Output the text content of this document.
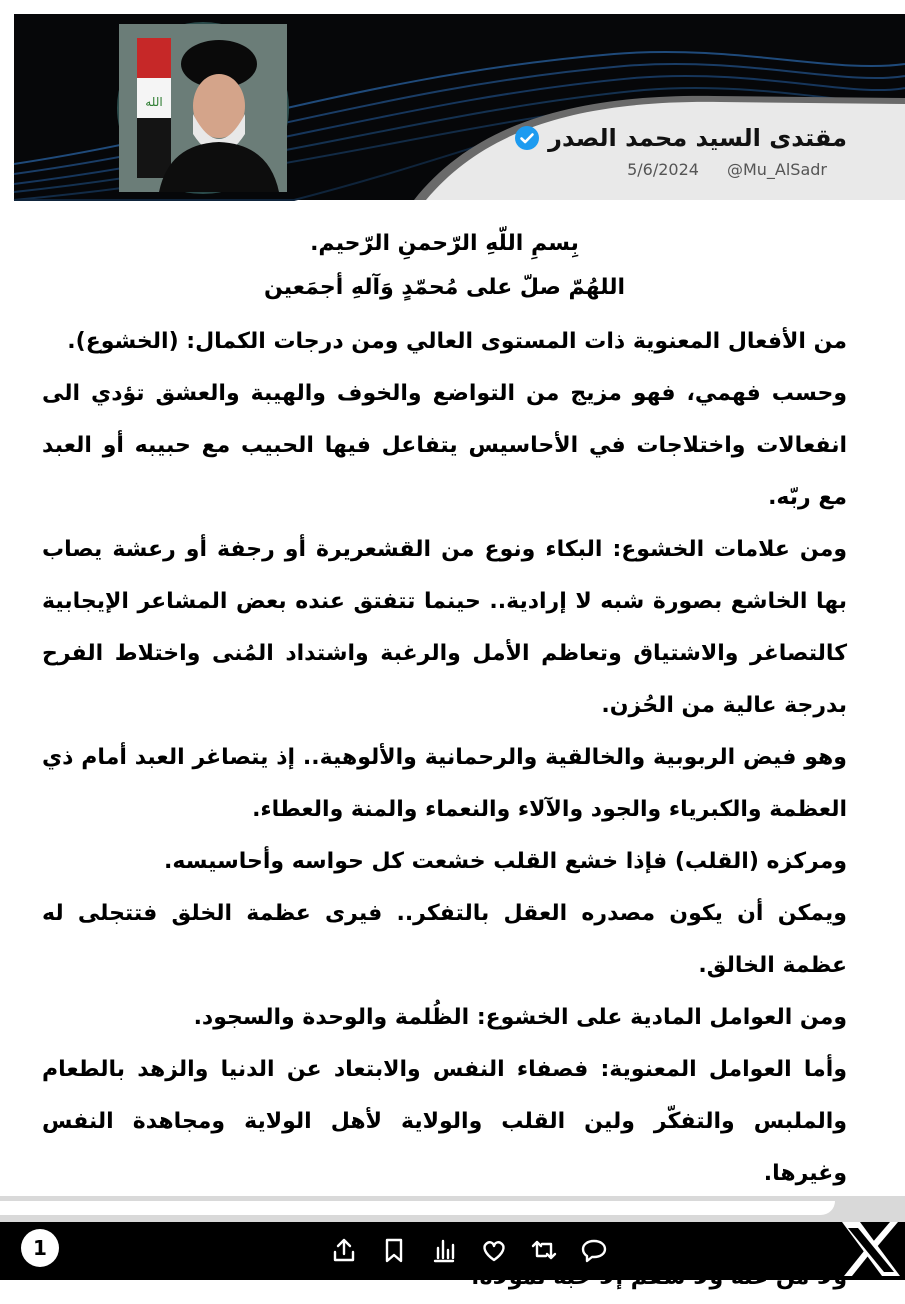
الله
مقتدى السيد محمد الصدر
5/6/2024 @Mu_AlSadr

بِسمِ اللّهِ الرّحمنِ الرّحيم.

اللهُمّ صلّ على مُحمّدٍ وَآلهِ أجمَعين

من الأفعال المعنوية ذات المستوى العالي ومن درجات الكمال: (الخشوع).

وحسب فهمي، فهو مزيج من التواضع والخوف والهيبة والعشق تؤدي الى انفعالات واختلاجات في الأحاسيس يتفاعل فيها الحبيب مع حبيبه أو العبد مع ربّه.

ومن علامات الخشوع: البكاء ونوع من القشعريرة أو رجفة أو رعشة يصاب بها الخاشع بصورة شبه لا إرادية.. حينما تتفتق عنده بعض المشاعر الإيجابية كالتصاغر والاشتياق وتعاظم الأمل والرغبة واشتداد المُنى واختلاط الفرح بدرجة عالية من الحُزن.

وهو فيض الربوبية والخالقية والرحمانية والألوهية.. إذ يتصاغر العبد أمام ذي العظمة والكبرياء والجود والآلاء والنعماء والمنة والعطاء.

ومركزه (القلب) فإذا خشع القلب خشعت كل حواسه وأحاسيسه.

ويمكن أن يكون مصدره العقل بالتفكر.. فيرى عظمة الخلق فتتجلى له عظمة الخالق.

ومن العوامل المادية على الخشوع: الظُلمة والوحدة والسجود.

وأما العوامل المعنوية: فصفاء النفس والابتعاد عن الدنيا والزهد بالطعام والملبس والتفكّر ولين القلب والولاية لأهل الولاية ومجاهدة النفس وغيرها.

1
